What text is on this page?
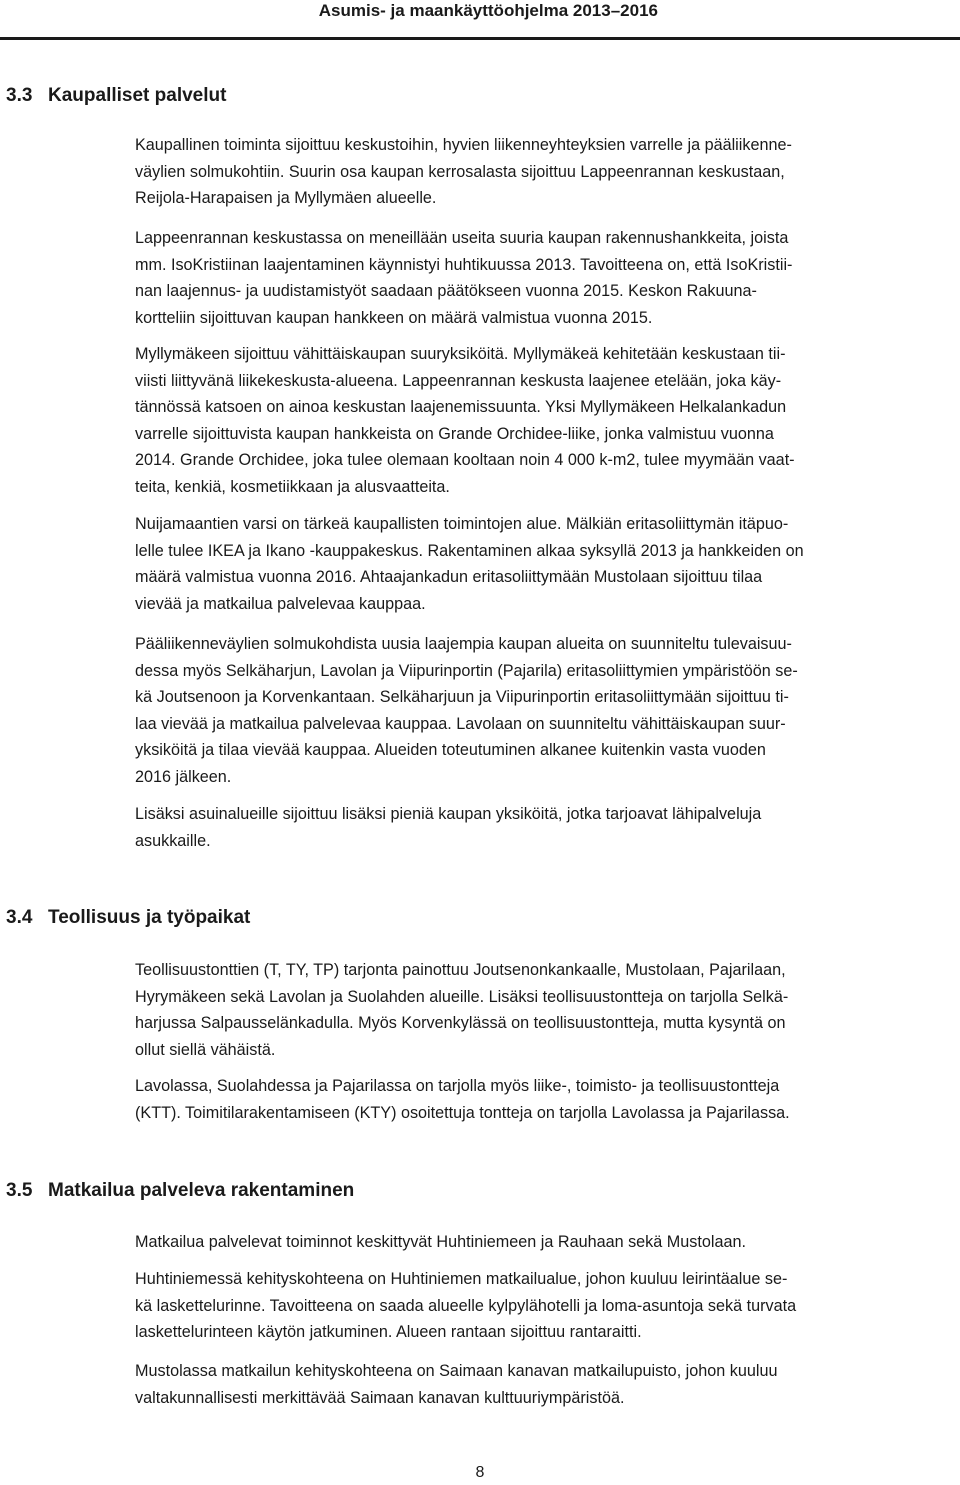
Asumis- ja maankäyttöohjelma 2013–2016
3.3 Kaupalliset palvelut
Kaupallinen toiminta sijoittuu keskustoihin, hyvien liikenneyhteyksien varrelle ja pääliikenne-
väylien solmukohtiin. Suurin osa kaupan kerrosalasta sijoittuu Lappeenrannan keskustaan,
Reijola-Harapaisen ja Myllymäen alueelle.
Lappeenrannan keskustassa on meneillään useita suuria kaupan rakennushankkeita, joista
mm. IsoKristiinan laajentaminen käynnistyi huhtikuussa 2013. Tavoitteena on, että IsoKristii-
nan laajennus- ja uudistamistyöt saadaan päätökseen vuonna 2015. Keskon Rakuuna-
kortteliin sijoittuvan kaupan hankkeen on määrä valmistua vuonna 2015.
Myllymäkeen sijoittuu vähittäiskaupan suuryksiköitä. Myllymäkeä kehitetään keskustaan tii-
viisti liittyvänä liikekeskusta-alueena. Lappeenrannan keskusta laajenee etelään, joka käy-
tännössä katsoen on ainoa keskustan laajenemissuunta. Yksi Myllymäkeen Helkalankadun
varrelle sijoittuvista kaupan hankkeista on Grande Orchidee-liike, jonka valmistuu vuonna
2014. Grande Orchidee, joka tulee olemaan kooltaan noin 4 000 k-m2, tulee myymään vaat-
teita, kenkiä, kosmetiikkaan ja alusvaatteita.
Nuijamaantien varsi on tärkeä kaupallisten toimintojen alue. Mälkiän eritasoliittymän itäpuo-
lelle tulee IKEA ja Ikano -kauppakeskus. Rakentaminen alkaa syksyllä 2013 ja hankkeiden on
määrä valmistua vuonna 2016. Ahtaajankadun eritasoliittymään Mustolaan sijoittuu tilaa
vievää ja matkailua palvelevaa kauppaa.
Pääliikenneväylien solmukohdista uusia laajempia kaupan alueita on suunniteltu tulevaisuu-
dessa myös Selkäharjun, Lavolan ja Viipurinportin (Pajarila) eritasoliittymien ympäristöön se-
kä Joutsenoon ja Korvenkantaan. Selkäharjuun ja Viipurinportin eritasoliittymään sijoittuu ti-
laa vievää ja matkailua palvelevaa kauppaa. Lavolaan on suunniteltu vähittäiskaupan suur-
yksiköitä ja tilaa vievää kauppaa. Alueiden toteutuminen alkanee kuitenkin vasta vuoden
2016 jälkeen.
Lisäksi asuinalueille sijoittuu lisäksi pieniä kaupan yksiköitä, jotka tarjoavat lähipalveluja
asukkaille.
3.4 Teollisuus ja työpaikat
Teollisuustonttien (T, TY, TP) tarjonta painottuu Joutsenonkankaalle, Mustolaan, Pajarilaan,
Hyrymäkeen sekä Lavolan ja Suolahden alueille. Lisäksi teollisuustontteja on tarjolla Selkä-
harjussa Salpausselänkadulla. Myös Korvenkylässä on teollisuustontteja, mutta kysyntä on
ollut siellä vähäistä.
Lavolassa, Suolahdessa ja Pajarilassa on tarjolla myös liike-, toimisto- ja teollisuustontteja
(KTT). Toimitilarakentamiseen (KTY) osoitettuja tontteja on tarjolla Lavolassa ja Pajarilassa.
3.5 Matkailua palveleva rakentaminen
Matkailua palvelevat toiminnot keskittyvät Huhtiniemeen ja Rauhaan sekä Mustolaan.
Huhtiniemessä kehityskohteena on Huhtiniemen matkailualue, johon kuuluu leirintäalue se-
kä laskettelurinne. Tavoitteena on saada alueelle kylpylähotelli ja loma-asuntoja sekä turvata
laskettelurinteen käytön jatkuminen. Alueen rantaan sijoittuu rantaraitti.
Mustolassa matkailun kehityskohteena on Saimaan kanavan matkailupuisto, johon kuuluu
valtakunnallisesti merkittävää Saimaan kanavan kulttuuriympäristöä.
8
